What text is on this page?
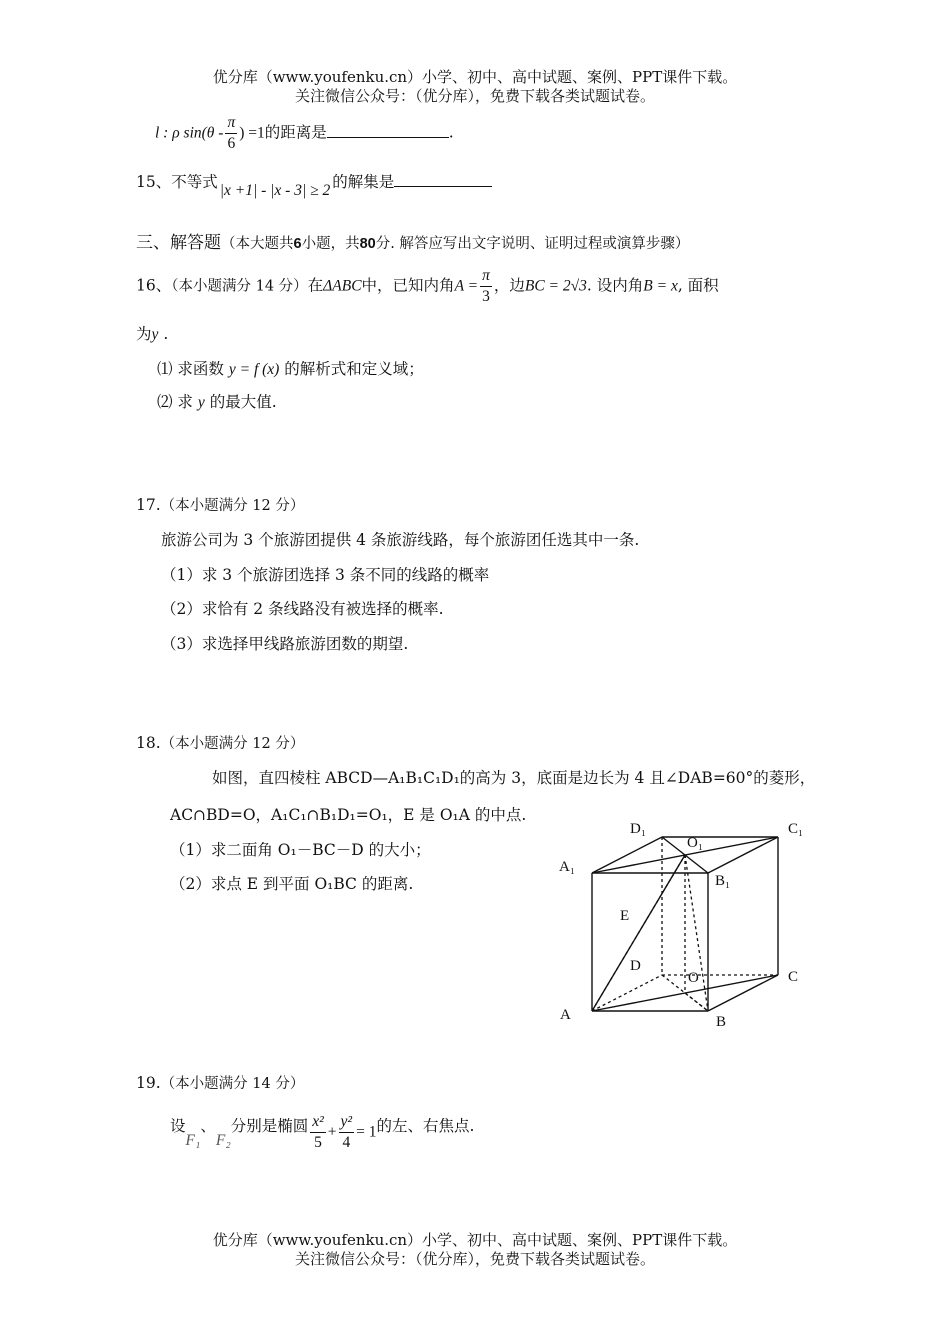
优分库（www.youfenku.cn）小学、初中、高中试题、案例、PPT课件下载。
关注微信公众号：（优分库），免费下载各类试题试卷。
l : ρ $\sin(\theta - \frac{\pi}{6}$ ) =1的距离是	.
15、不等式 |x +1| - |x - 3| ≥ 2 的解集是
三、解答题（本大题共6小题，共80分. 解答应写出文字说明、证明过程或演算步骤）
16、（本小题满分 14 分）在ΔABC中，已知内角$A = \frac{\pi}{3}$ ，边BC = 2√3. 设内角B = x, 面积
为y .
⑴ 求函数 y = f (x) 的解析式和定义域；
⑵ 求 y 的最大值.
17.（本小题满分 12 分）
旅游公司为 3 个旅游团提供 4 条旅游线路，每个旅游团任选其中一条.
（1）求 3 个旅游团选择 3 条不同的线路的概率
（2）求恰有 2 条线路没有被选择的概率.
（3）求选择甲线路旅游团数的期望.
18.（本小题满分 12 分）
如图，直四棱柱 ABCD—A₁B₁C₁D₁的高为 3，底面是边长为 4 且∠DAB=60°的菱形，
AC∩BD=O，A₁C₁∩B₁D₁=O₁，E 是 O₁A 的中点.
（1）求二面角 O₁－BC－D 的大小；
（2）求点 E 到平面 O₁BC 的距离.
D₁
O₁
C₁
A₁
B₁
E
D
O	C
A	B
19.（本小题满分 14 分）
设F₁、F₂分别是椭圆 $\frac{\text{x²}}{5} + \frac{\text{y²}}{4} = 1$的左、右焦点.
优分库（www.youfenku.cn）小学、初中、高中试题、案例、PPT课件下载。
关注微信公众号：（优分库），免费下载各类试题试卷。
